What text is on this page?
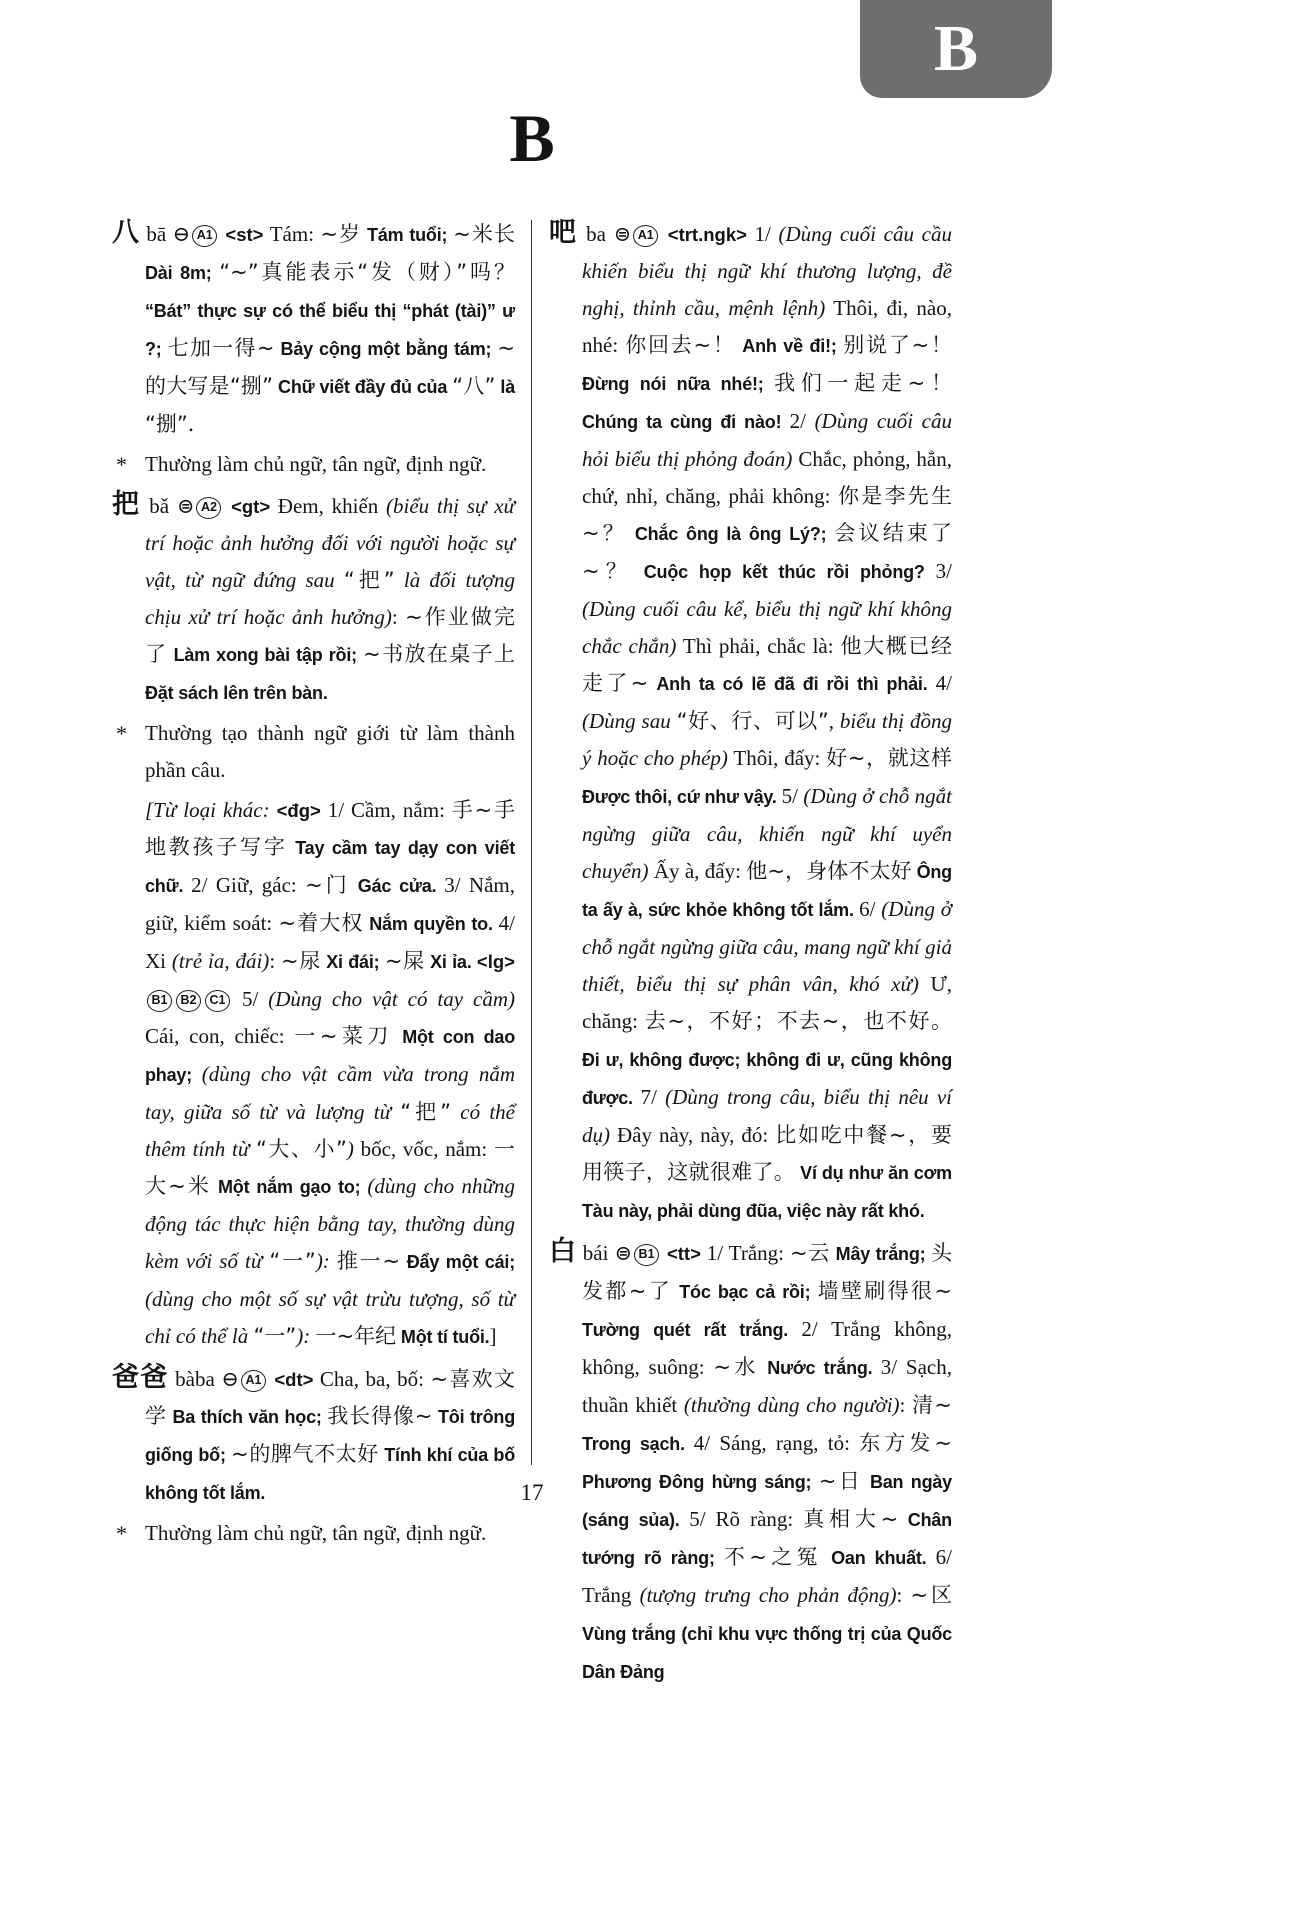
B
B

八 bā ⊖ A1 <st> Tám: ~岁 Tám tuổi; ~米长 Dài 8m; “~”真能表示“发（财）”吗？ “Bát” thực sự có thể biểu thị “phát (tài)” ư ?; 七加一得~ Bảy cộng một bằng tám; ~的大写是“捌” Chữ viết đầy đủ của “八” là “捌”．

* Thường làm chủ ngữ, tân ngữ, định ngữ.

把 bǎ ⊜ A2 <gt> Đem, khiến (biểu thị sự xử trí hoặc ảnh hưởng đối với người hoặc sự vật, từ ngữ đứng sau “把” là đối tượng chịu xử trí hoặc ảnh hưởng): ~作业做完了 Làm xong bài tập rồi; ~书放在桌子上 Đặt sách lên trên bàn.

* Thường tạo thành ngữ giới từ làm thành phần câu.

[Từ loại khác: <đg> 1/ Cầm, nắm: 手~手地教孩子写字 Tay cầm tay dạy con viết chữ. 2/ Giữ, gác: ~门 Gác cửa. 3/ Nắm, giữ, kiểm soát: ~着大权 Nắm quyền to. 4/ Xi (trẻ ỉa, đái): ~尿 Xi đái; ~屎 Xi ỉa. <lg> B1 B2 C1 5/ (Dùng cho vật có tay cầm) Cái, con, chiếc: 一~菜刀 Một con dao phay; (dùng cho vật cầm vừa trong nắm tay, giữa số từ và lượng từ “把” có thể thêm tính từ “大、小”) bốc, vốc, nắm: 一大~米 Một nắm gạo to; (dùng cho những động tác thực hiện bằng tay, thường dùng kèm với số từ “一”): 推一~ Đẩy một cái; (dùng cho một số sự vật trừu tượng, số từ chỉ có thể là “一”): 一~年纪 Một tí tuổi.]

爸爸 bàba ⊖ A1 <dt> Cha, ba, bố: ~喜欢文学 Ba thích văn học; 我长得像~ Tôi trông giống bố; ~的脾气不太好 Tính khí của bố không tốt lắm.

* Thường làm chủ ngữ, tân ngữ, định ngữ.

吧 ba ⊜ A1 <trt.ngk> 1/ (Dùng cuối câu cầu khiến biểu thị ngữ khí thương lượng, đề nghị, thỉnh cầu, mệnh lệnh) Thôi, đi, nào, nhé: 你回去~！ Anh về đi!; 别说了~！ Đừng nói nữa nhé!; 我们一起走~！ Chúng ta cùng đi nào! 2/ (Dùng cuối câu hỏi biểu thị phỏng đoán) Chắc, phỏng, hẳn, chứ, nhỉ, chăng, phải không: 你是李先生~？ Chắc ông là ông Lý?; 会议结束了~？ Cuộc họp kết thúc rồi phỏng? 3/ (Dùng cuối câu kể, biểu thị ngữ khí không chắc chắn) Thì phải, chắc là: 他大概已经走了~ Anh ta có lẽ đã đi rồi thì phải. 4/ (Dùng sau “好、行、可以”, biểu thị đồng ý hoặc cho phép) Thôi, đấy: 好~，就这样 Được thôi, cứ như vậy. 5/ (Dùng ở chỗ ngắt ngừng giữa câu, khiến ngữ khí uyển chuyển) Ấy à, đấy: 他~，身体不太好 Ông ta ấy à, sức khỏe không tốt lắm. 6/ (Dùng ở chỗ ngắt ngừng giữa câu, mang ngữ khí giả thiết, biểu thị sự phân vân, khó xử) Ư, chăng: 去~，不好；不去~，也不好。 Đi ư, không được; không đi ư, cũng không được. 7/ (Dùng trong câu, biểu thị nêu ví dụ) Đây này, này, đó: 比如吃中餐~，要用筷子，这就很难了。 Ví dụ như ăn cơm Tàu này, phải dùng đũa, việc này rất khó.

白 bái ⊜ B1 <tt> 1/ Trắng: ~云 Mây trắng; 头发都~了 Tóc bạc cả rồi; 墙壁刷得很~ Tường quét rất trắng. 2/ Trắng không, không, suông: ~水 Nước trắng. 3/ Sạch, thuần khiết (thường dùng cho người): 清~ Trong sạch. 4/ Sáng, rạng, tỏ: 东方发~ Phương Đông hừng sáng; ~日 Ban ngày (sáng sủa). 5/ Rõ ràng: 真相大~ Chân tướng rõ ràng; 不~之冤 Oan khuất. 6/ Trắng (tượng trưng cho phản động): ~区 Vùng trắng (chỉ khu vực thống trị của Quốc Dân Đảng

17
